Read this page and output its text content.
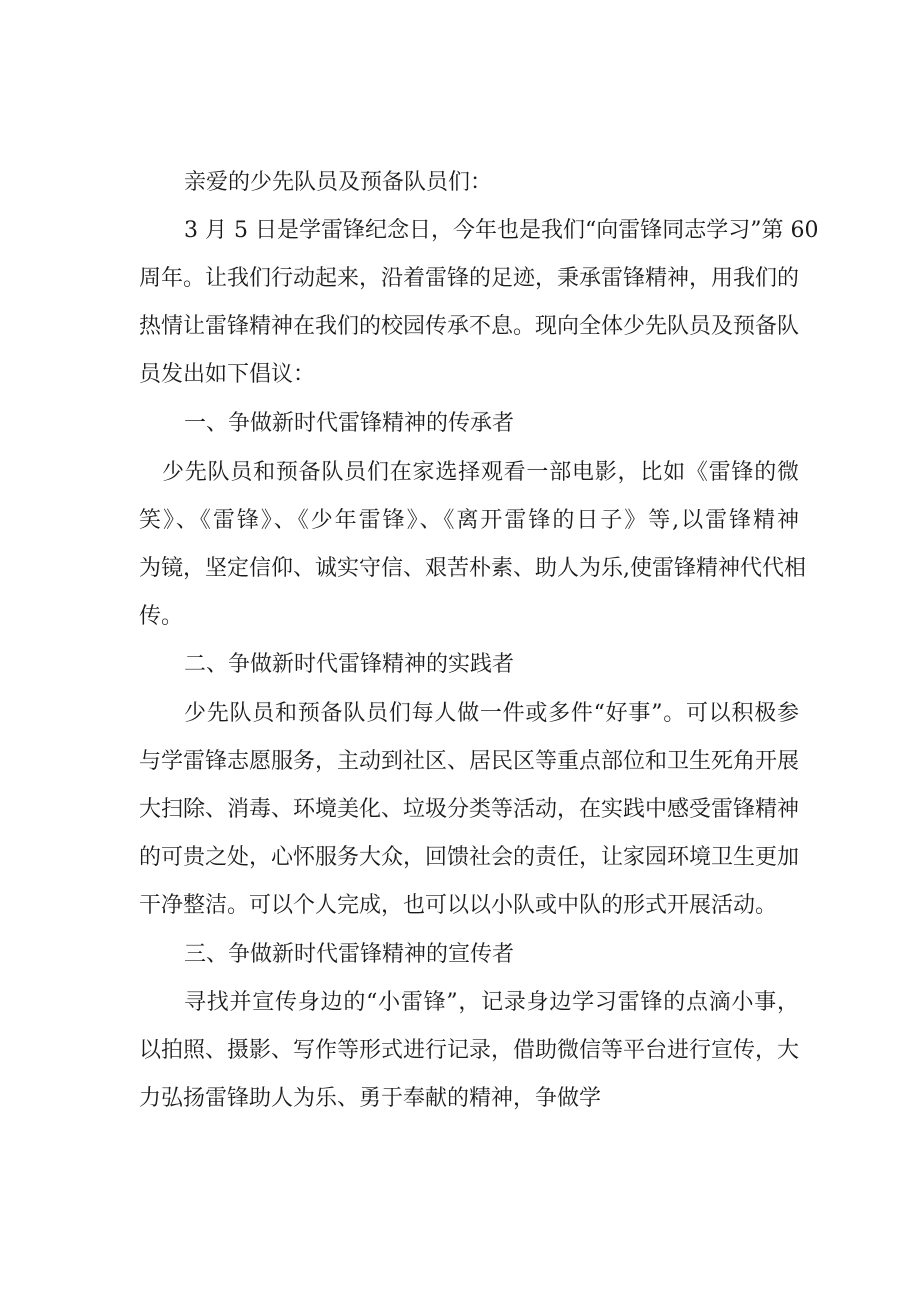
亲爱的少先队员及预备队员们：
3 月 5 日是学雷锋纪念日，今年也是我们“向雷锋同志学习”第 60
周年。让我们行动起来，沿着雷锋的足迹，秉承雷锋精神，用我们的
热情让雷锋精神在我们的校园传承不息。现向全体少先队员及预备队
员发出如下倡议：
一、争做新时代雷锋精神的传承者
少先队员和预备队员们在家选择观看一部电影，比如《雷锋的微
笑》、《雷锋》、《少年雷锋》、《离开雷锋的日子》等,以雷锋精神
为镜，坚定信仰、诚实守信、艰苦朴素、助人为乐,使雷锋精神代代相
传。
二、争做新时代雷锋精神的实践者
少先队员和预备队员们每人做一件或多件“好事”。可以积极参
与学雷锋志愿服务，主动到社区、居民区等重点部位和卫生死角开展
大扫除、消毒、环境美化、垃圾分类等活动，在实践中感受雷锋精神
的可贵之处，心怀服务大众，回馈社会的责任，让家园环境卫生更加
干净整洁。可以个人完成，也可以以小队或中队的形式开展活动。
三、争做新时代雷锋精神的宣传者
寻找并宣传身边的“小雷锋”，记录身边学习雷锋的点滴小事，
以拍照、摄影、写作等形式进行记录，借助微信等平台进行宣传，大
力弘扬雷锋助人为乐、勇于奉献的精神，争做学
